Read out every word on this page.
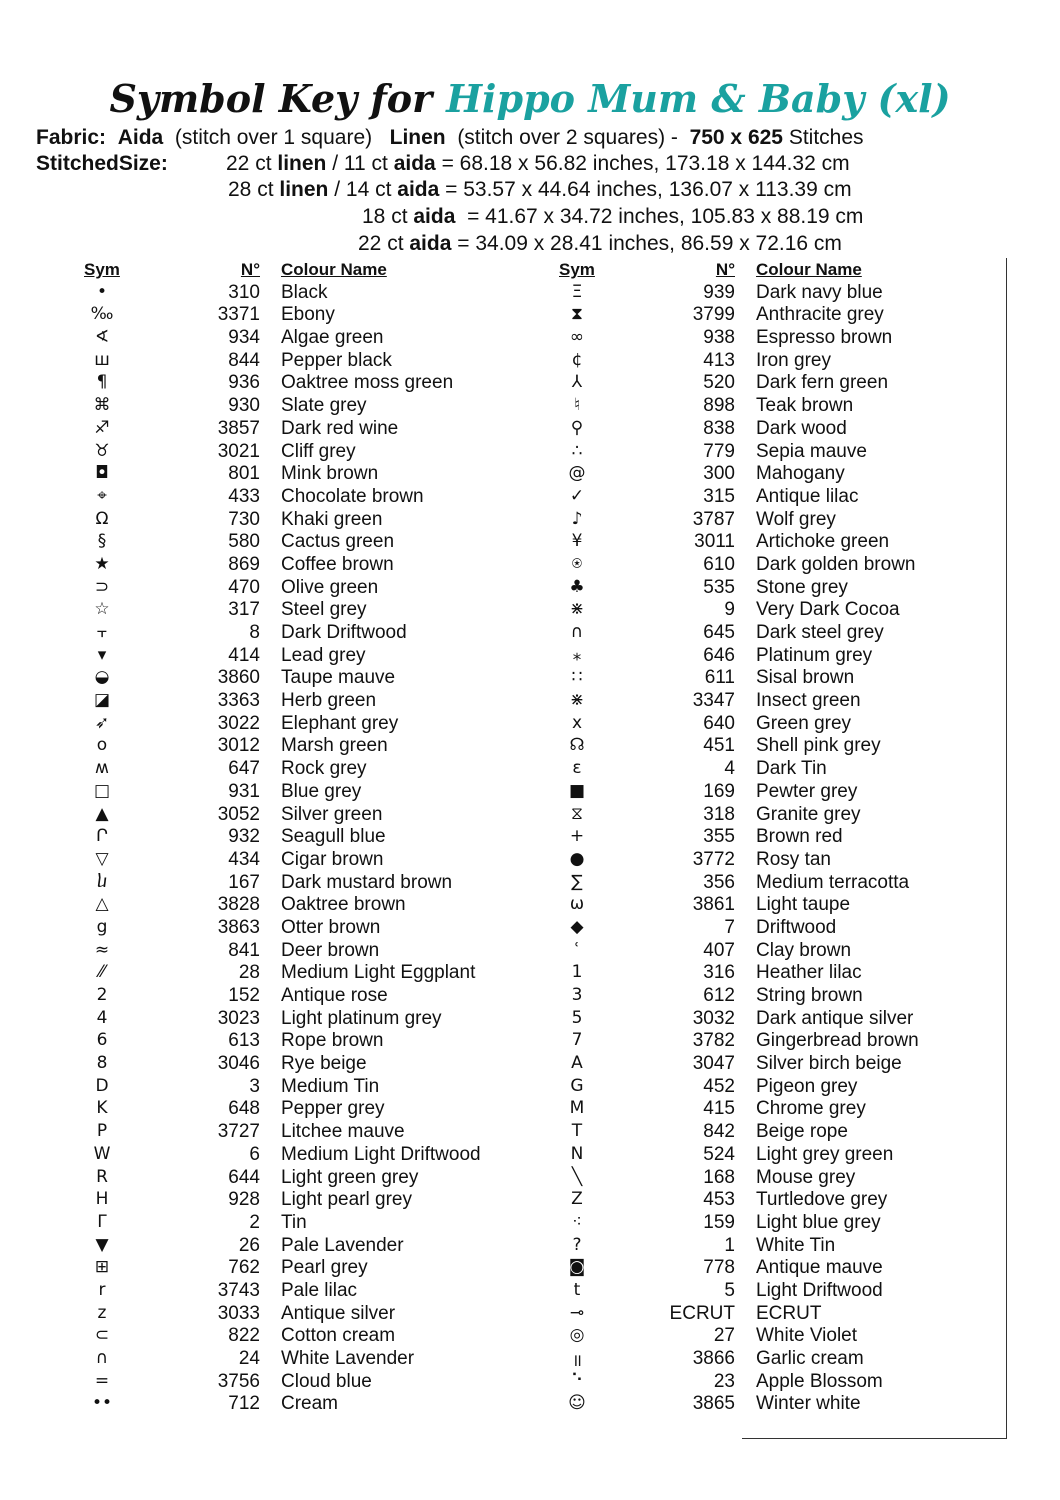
Symbol Key for Hippo Mum & Baby (xl)
Fabric: Aida (stitch over 1 square) Linen (stitch over 2 squares) - 750 x 625 Stitches
StitchedSize:	22 ct linen / 11 ct aida = 68.18 x 56.82 inches, 173.18 x 144.32 cm
28 ct linen / 14 ct aida = 53.57 x 44.64 inches, 136.07 x 113.39 cm
18 ct aida  = 41.67 x 34.72 inches, 105.83 x 88.19 cm
22 ct aida = 34.09 x 28.41 inches, 86.59 x 72.16 cm
Sym	N° Colour Name
•	310 Black
‰	3371 Ebony
∢	934 Algae green
ш	844 Pepper black
¶	936 Oaktree moss green
⌘	930 Slate grey
♐	3857 Dark red wine
♉	3021 Cliff grey
◘	801 Mink brown
⌖	433 Chocolate brown
Ω	730 Khaki green
§	580 Cactus green
★	869 Coffee brown
⊃	470 Olive green
☆	317 Steel grey
⫟	8 Dark Driftwood
▾	414 Lead grey
◒	3860 Taupe mauve
◪	3363 Herb green
➶	3022 Elephant grey
o	3012 Marsh green
ʍ	647 Rock grey
□	931 Blue grey
▲	3052 Silver green
Ր	932 Seagull blue
▽	434 Cigar brown
ⴑ	167 Dark mustard brown
△	3828 Oaktree brown
g	3863 Otter brown
≈	841 Deer brown
⁄⁄	28 Medium Light Eggplant
2	152 Antique rose
4	3023 Light platinum grey
6	613 Rope brown
8	3046 Rye beige
D	3 Medium Tin
K	648 Pepper grey
P	3727 Litchee mauve
W	6 Medium Light Driftwood
R	644 Light green grey
H	928 Light pearl grey
Γ	2 Tin
▼	26 Pale Lavender
⊞	762 Pearl grey
r	3743 Pale lilac
z	3033 Antique silver
⊂	822 Cotton cream
∩	24 White Lavender
=	3756 Cloud blue
••	712 Cream
Sym	N° Colour Name
Ξ	939 Dark navy blue
⧗	3799 Anthracite grey
∞	938 Espresso brown
¢	413 Iron grey
⅄	520 Dark fern green
♮	898 Teak brown
⚲	838 Dark wood
∴	779 Sepia mauve
@	300 Mahogany
✓	315 Antique lilac
♪	3787 Wolf grey
¥	3011 Artichoke green
⍟	610 Dark golden brown
♣	535 Stone grey
⋇	9 Very Dark Cocoa
∩	645 Dark steel grey
⁎	646 Platinum grey
∷	611 Sisal brown
⋇	3347 Insect green
x	640 Green grey
☊	451 Shell pink grey
ε	4 Dark Tin
■	169 Pewter grey
⧖	318 Granite grey
+	355 Brown red
●	3772 Rosy tan
∑	356 Medium terracotta
ω	3861 Light taupe
◆	7 Driftwood
ʿ	407 Clay brown
1	316 Heather lilac
3	612 String brown
5	3032 Dark antique silver
7	3782 Gingerbread brown
A	3047 Silver birch beige
G	452 Pigeon grey
M	415 Chrome grey
T	842 Beige rope
N	524 Light grey green
╲	168 Mouse grey
Z	453 Turtledove grey
⁖	159 Light blue grey
?	1 White Tin
◙	778 Antique mauve
t	5 Light Driftwood
⊸	ECRUT ECRUT
◎	27 White Violet
॥	3866 Garlic cream
⠑	23 Apple Blossom
☺	3865 Winter white
